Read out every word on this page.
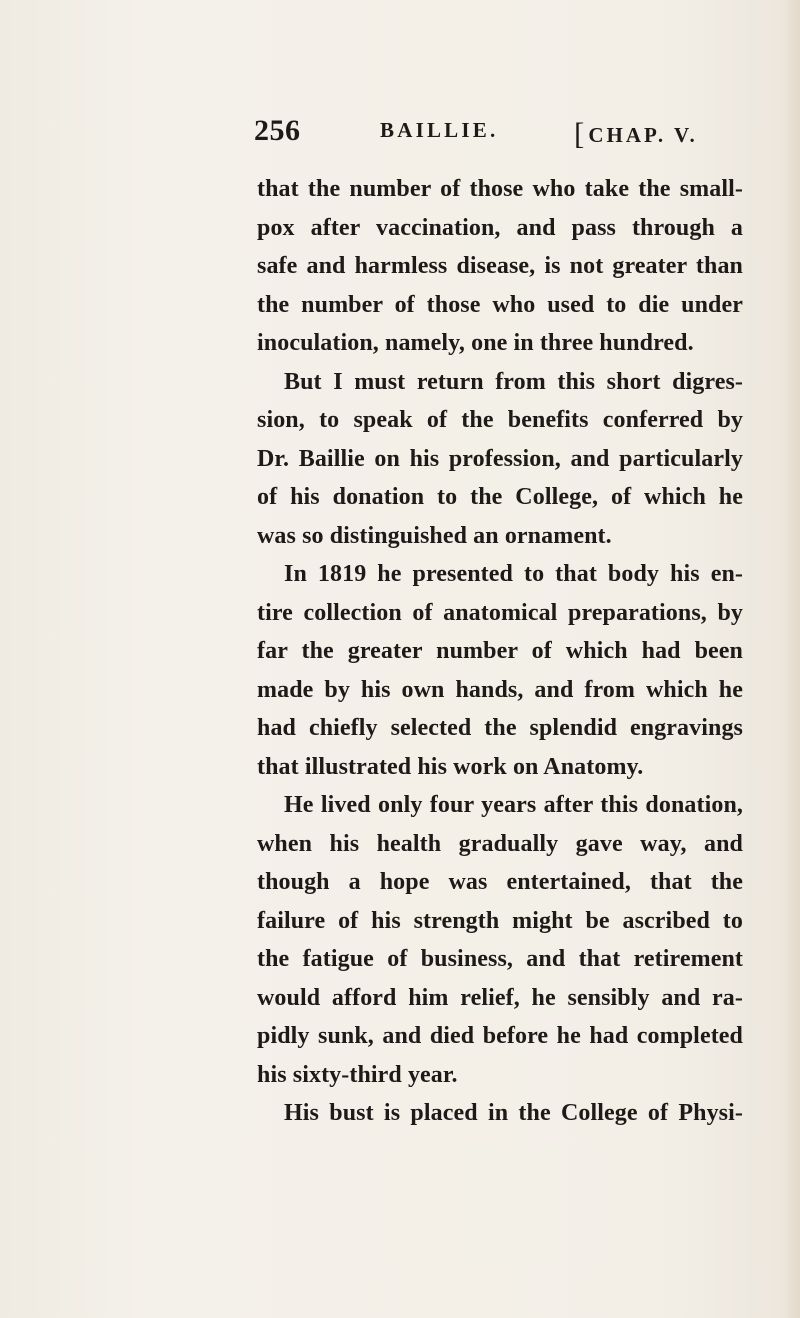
256	BAILLIE. [CHAP. V.
that the number of those who take the small-
pox after vaccination, and pass through a
safe and harmless disease, is not greater than
the number of those who used to die under
inoculation, namely, one in three hundred.
But I must return from this short digres-
sion, to speak of the benefits conferred by
Dr. Baillie on his profession, and particularly
of his donation to the College, of which he
was so distinguished an ornament.
In 1819 he presented to that body his en-
tire collection of anatomical preparations, by
far the greater number of which had been
made by his own hands, and from which he
had chiefly selected the splendid engravings
that illustrated his work on Anatomy.
He lived only four years after this donation,
when his health gradually gave way, and
though a hope was entertained, that the
failure of his strength might be ascribed to
the fatigue of business, and that retirement
would afford him relief, he sensibly and ra-
pidly sunk, and died before he had completed
his sixty-third year.
His bust is placed in the College of Physi-
